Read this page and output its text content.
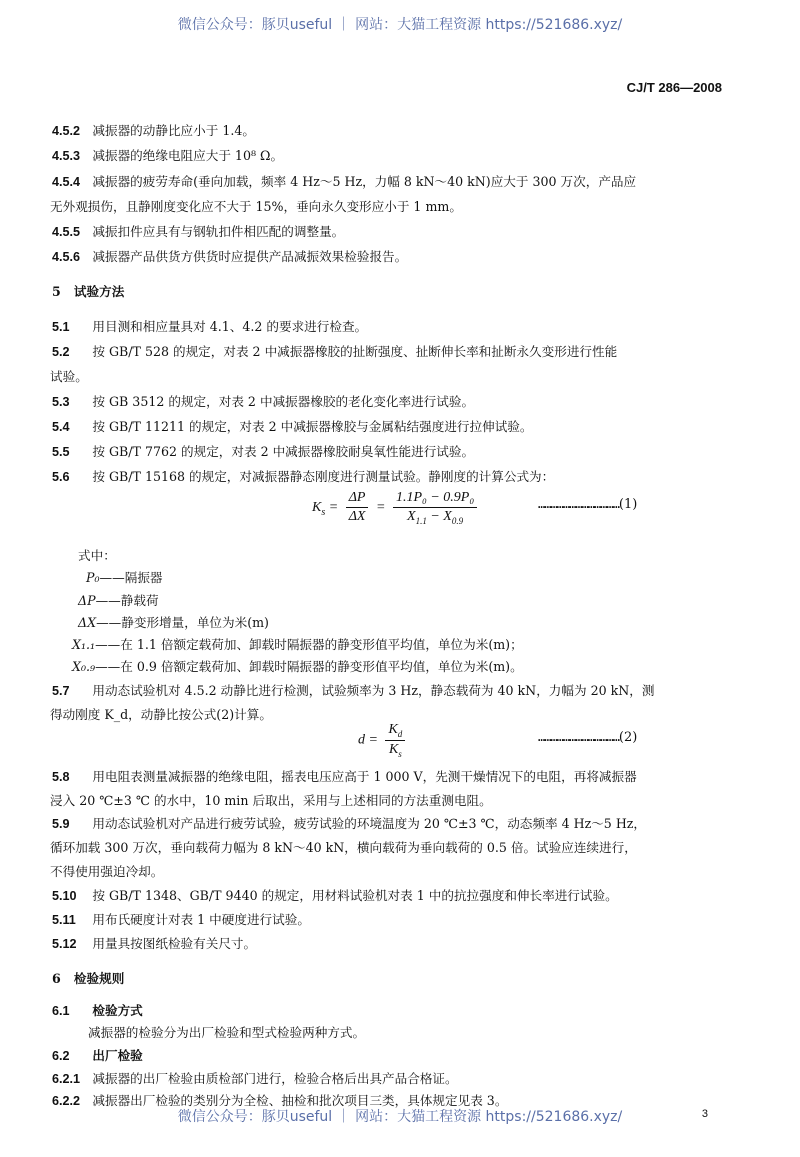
微信公众号：豚贝useful ｜ 网站：大猫工程资源 https://521686.xyz/
CJ/T 286—2008
4.5.2 减振器的动静比应小于 1.4。
4.5.3 减振器的绝缘电阻应大于 10⁸ Ω。
4.5.4 减振器的疲劳寿命(垂向加载，频率 4 Hz～5 Hz，力幅 8 kN～40 kN)应大于 300 万次，产品应
无外观损伤，且静刚度变化应不大于 15%，垂向永久变形应小于 1 mm。
4.5.5 减振扣件应具有与钢轨扣件相匹配的调整量。
4.5.6 减振器产品供货方供货时应提供产品减振效果检验报告。
5 试验方法
5.1 用目测和相应量具对 4.1、4.2 的要求进行检查。
5.2 按 GB/T 528 的规定，对表 2 中减振器橡胶的扯断强度、扯断伸长率和扯断永久变形进行性能
试验。
5.3 按 GB 3512 的规定，对表 2 中减振器橡胶的老化变化率进行试验。
5.4 按 GB/T 11211 的规定，对表 2 中减振器橡胶与金属粘结强度进行拉伸试验。
5.5 按 GB/T 7762 的规定，对表 2 中减振器橡胶耐臭氧性能进行试验。
5.6 按 GB/T 15168 的规定，对减振器静态刚度进行测量试验。静刚度的计算公式为：
$K_s = \frac{\Delta P}{\Delta X} = \frac{\text{1.1P₀ − 0.9P₀}}{X_{1.1} - X_{0.9}}$	…………………………………(1)
式中：
P₀——隔振器
ΔP——静载荷
ΔX——静变形增量，单位为米(m)
X₁.₁——在 1.1 倍额定载荷加、卸载时隔振器的静变形值平均值，单位为米(m)；
X₀.₉——在 0.9 倍额定载荷加、卸载时隔振器的静变形值平均值，单位为米(m)。
5.7 用动态试验机对 4.5.2 动静比进行检测，试验频率为 3 Hz，静态载荷为 40 kN，力幅为 20 kN，测
得动刚度 K_d，动静比按公式(2)计算。
$d = \frac{K_d}{K_s}$	…………………………………(2)
5.8 用电阻表测量减振器的绝缘电阻，摇表电压应高于 1 000 V，先测干燥情况下的电阻，再将减振器
浸入 20 ℃±3 ℃ 的水中，10 min 后取出，采用与上述相同的方法重测电阻。
5.9 用动态试验机对产品进行疲劳试验，疲劳试验的环境温度为 20 ℃±3 ℃，动态频率 4 Hz～5 Hz，
循环加载 300 万次，垂向载荷力幅为 8 kN～40 kN，横向载荷为垂向载荷的 0.5 倍。试验应连续进行，
不得使用强迫冷却。
5.10 按 GB/T 1348、GB/T 9440 的规定，用材料试验机对表 1 中的抗拉强度和伸长率进行试验。
5.11 用布氏硬度计对表 1 中硬度进行试验。
5.12 用量具按图纸检验有关尺寸。
6 检验规则
6.1 检验方式
减振器的检验分为出厂检验和型式检验两种方式。
6.2 出厂检验
6.2.1 减振器的出厂检验由质检部门进行，检验合格后出具产品合格证。
6.2.2 减振器出厂检验的类别分为全检、抽检和批次项目三类，具体规定见表 3。
微信公众号：豚贝useful ｜ 网站：大猫工程资源 https://521686.xyz/	3
